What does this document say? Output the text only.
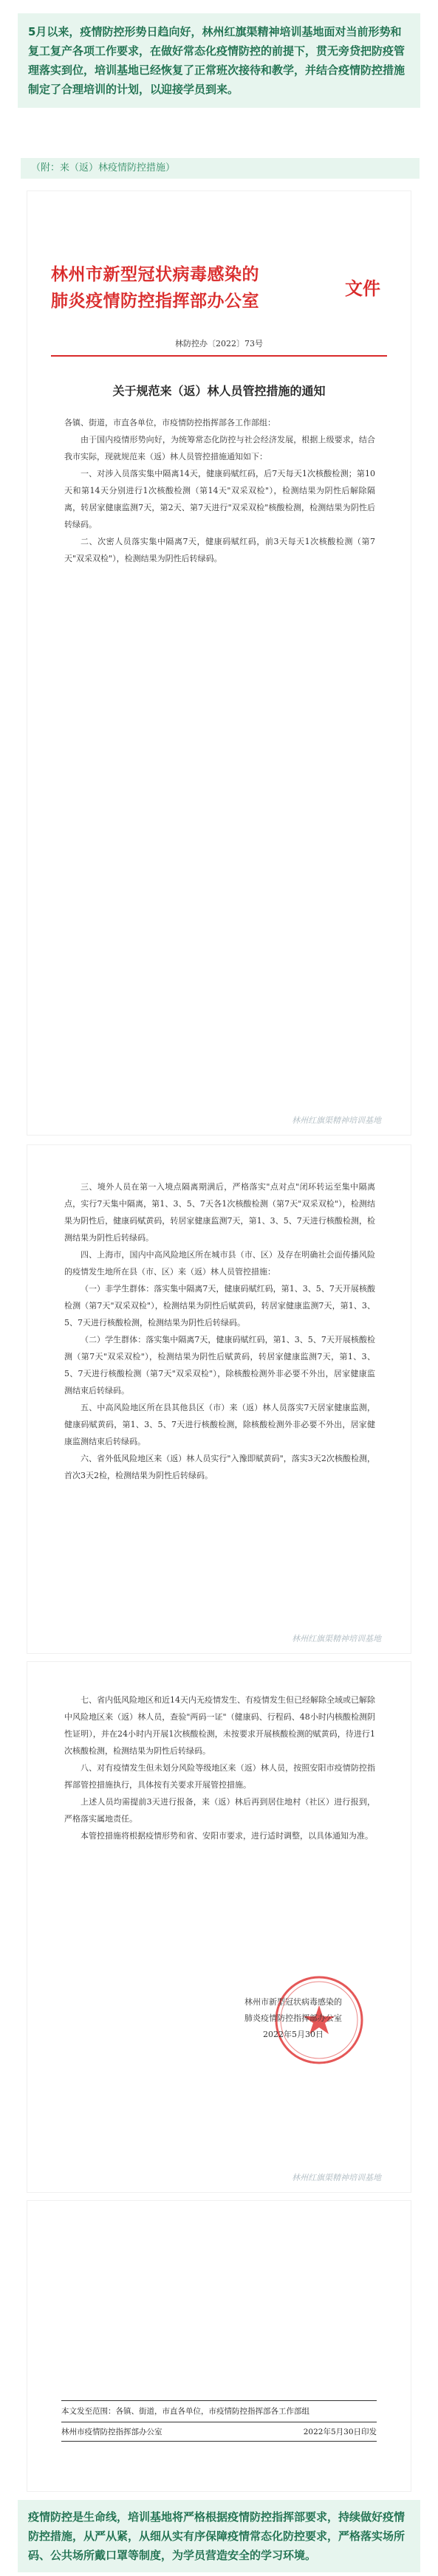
5月以来，疫情防控形势日趋向好，林州红旗渠精神培训基地面对当前形势和复工复产各项工作要求，在做好常态化疫情防控的前提下，贯无旁贷把防疫管理落实到位，培训基地已经恢复了正常班次接待和教学，并结合疫情防控措施制定了合理培训的计划，以迎接学员到来。
（附：来（返）林疫情防控措施）
林州市新型冠状病毒感染的
肺炎疫情防控指挥部办公室
文件
林防控办〔2022〕73号
关于规范来（返）林人员管控措施的通知

各镇、街道，市直各单位，市疫情防控指挥部各工作部组：

由于国内疫情形势向好，为统筹常态化防控与社会经济发展，根据上级要求，结合我市实际，现就规范来（返）林人员管控措施通知如下：

一、对涉入员落实集中隔离14天，健康码赋红码，后7天每天1次核酸检测；第10天和第14天分别进行1次核酸检测（第14天"双采双检"），检测结果为阴性后解除隔离，转居家健康监测7天，第2天、第7天进行"双采双检"核酸检测，检测结果为阴性后转绿码。

二、次密人员落实集中隔离7天，健康码赋红码，前3天每天1次核酸检测（第7天"双采双检"），检测结果为阴性后转绿码。

林州红旗渠精神培训基地

三、境外人员在第一入境点隔离期满后，严格落实"点对点"闭环转运至集中隔离点，实行7天集中隔离，第1、3、5、7天各1次核酸检测（第7天"双采双检"），检测结果为阴性后，健康码赋黄码，转居家健康监测7天，第1、3、5、7天进行核酸检测，检测结果为阴性后转绿码。

四、上海市，国内中高风险地区所在城市县（市、区）及存在明确社会面传播风险的疫情发生地所在县（市、区）来（返）林人员管控措施：

（一）非学生群体：落实集中隔离7天，健康码赋红码，第1、3、5、7天开展核酸检测（第7天"双采双检"），检测结果为阴性后赋黄码，转居家健康监测7天，第1、3、5、7天进行核酸检测，检测结果为阴性后转绿码。

（二）学生群体：落实集中隔离7天，健康码赋红码，第1、3、5、7天开展核酸检测（第7天"双采双检"），检测结果为阴性后赋黄码，转居家健康监测7天，第1、3、5、7天进行核酸检测（第7天"双采双检"），除核酸检测外非必要不外出，居家健康监测结束后转绿码。

五、中高风险地区所在县其他县区（市）来（返）林人员落实7天居家健康监测，健康码赋黄码，第1、3、5、7天进行核酸检测，除核酸检测外非必要不外出，居家健康监测结束后转绿码。

六、省外低风险地区来（返）林人员实行"入豫即赋黄码"，落实3天2次核酸检测，首次3天2检，检测结果为阴性后转绿码。

林州红旗渠精神培训基地

七、省内低风险地区和近14天内无疫情发生、有疫情发生但已经解除全域或已解除中风险地区来（返）林人员，查验"两码一证"（健康码、行程码、48小时内核酸检测阴性证明），并在24小时内开展1次核酸检测，未按要求开展核酸检测的赋黄码，待进行1次核酸检测，检测结果为阴性后转绿码。

八、对有疫情发生但未划分风险等级地区来（返）林人员，按照安阳市疫情防控指挥部管控措施执行，具体按有关要求开展管控措施。

上述人员均需提前3天进行报备，来（返）林后再到居住地村（社区）进行报到，严格落实属地责任。

本管控措施将根据疫情形势和省、安阳市要求，进行适时调整，以具体通知为准。

林州市新型冠状病毒感染的
肺炎疫情防控指挥部办公室
2022年5月30日
林州红旗渠精神培训基地
本文发至范围：各镇、街道，市直各单位，市疫情防控指挥部各工作部组
林州市疫情防控指挥部办公室	2022年5月30日印发
疫情防控是生命线，培训基地将严格根据疫情防控指挥部要求，持续做好疫情防控措施，从严从紧，从细从实有序保障疫情常态化防控要求，严格落实场所码、公共场所戴口罩等制度，为学员营造安全的学习环境。
